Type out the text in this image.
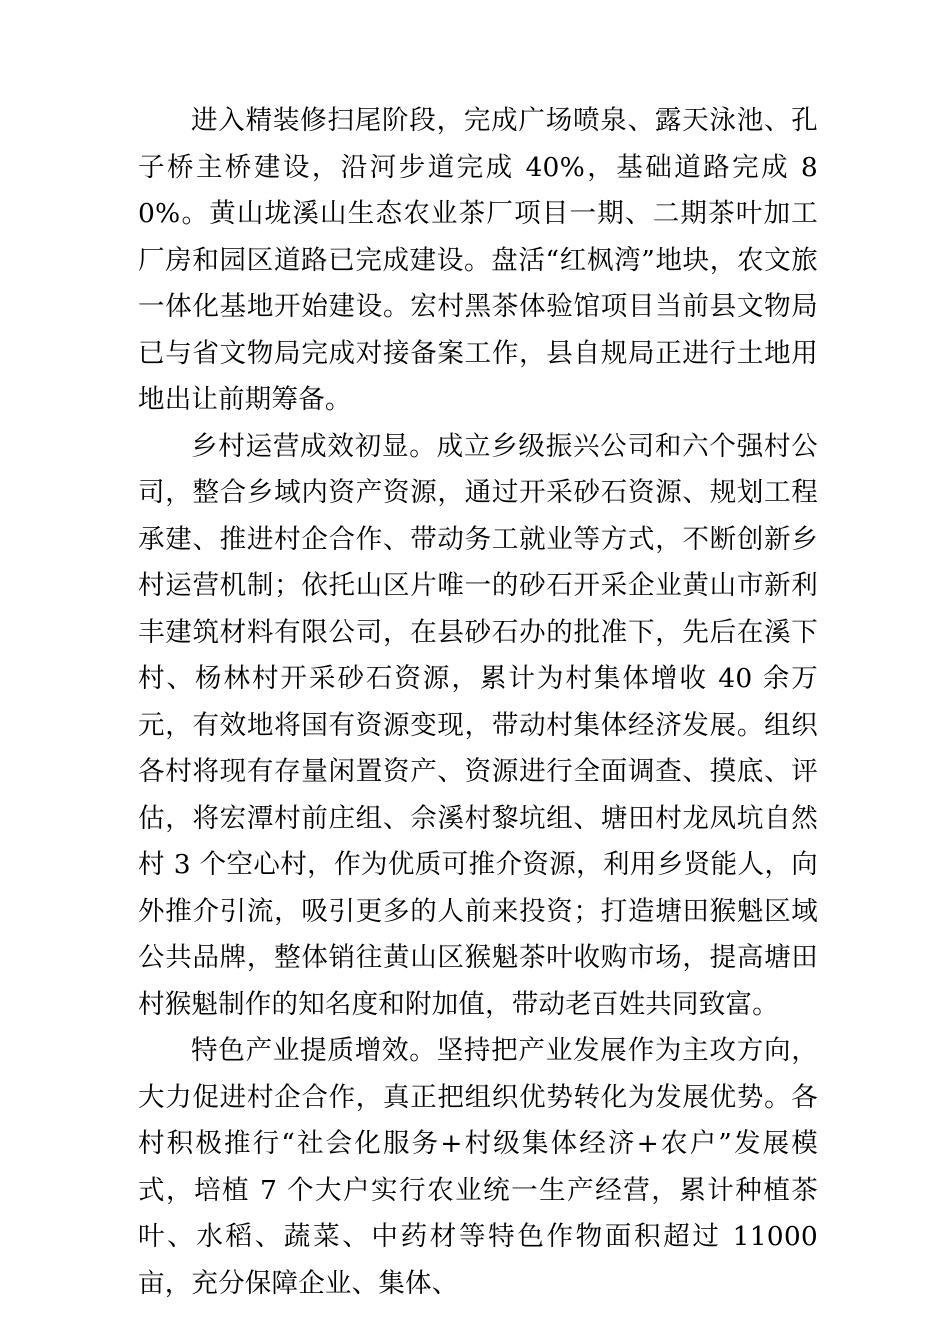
进入精装修扫尾阶段，完成广场喷泉、露天泳池、孔子桥主桥建设，沿河步道完成 40%，基础道路完成 80%。黄山垅溪山生态农业茶厂项目一期、二期茶叶加工厂房和园区道路已完成建设。盘活“红枫湾”地块，农文旅一体化基地开始建设。宏村黑茶体验馆项目当前县文物局已与省文物局完成对接备案工作，县自规局正进行土地用地出让前期筹备。

乡村运营成效初显。成立乡级振兴公司和六个强村公司，整合乡域内资产资源，通过开采砂石资源、规划工程承建、推进村企合作、带动务工就业等方式，不断创新乡村运营机制；依托山区片唯一的砂石开采企业黄山市新利丰建筑材料有限公司，在县砂石办的批准下，先后在溪下村、杨林村开采砂石资源，累计为村集体增收 40 余万元，有效地将国有资源变现，带动村集体经济发展。组织各村将现有存量闲置资产、资源进行全面调查、摸底、评估，将宏潭村前庄组、佘溪村黎坑组、塘田村龙凤坑自然村 3 个空心村，作为优质可推介资源，利用乡贤能人，向外推介引流，吸引更多的人前来投资；打造塘田猴魁区域公共品牌，整体销往黄山区猴魁茶叶收购市场，提高塘田村猴魁制作的知名度和附加值，带动老百姓共同致富。

特色产业提质增效。坚持把产业发展作为主攻方向，大力促进村企合作，真正把组织优势转化为发展优势。各村积极推行“社会化服务+村级集体经济+农户”发展模式，培植 7 个大户实行农业统一生产经营，累计种植茶叶、水稻、蔬菜、中药材等特色作物面积超过 11000 亩，充分保障企业、集体、
